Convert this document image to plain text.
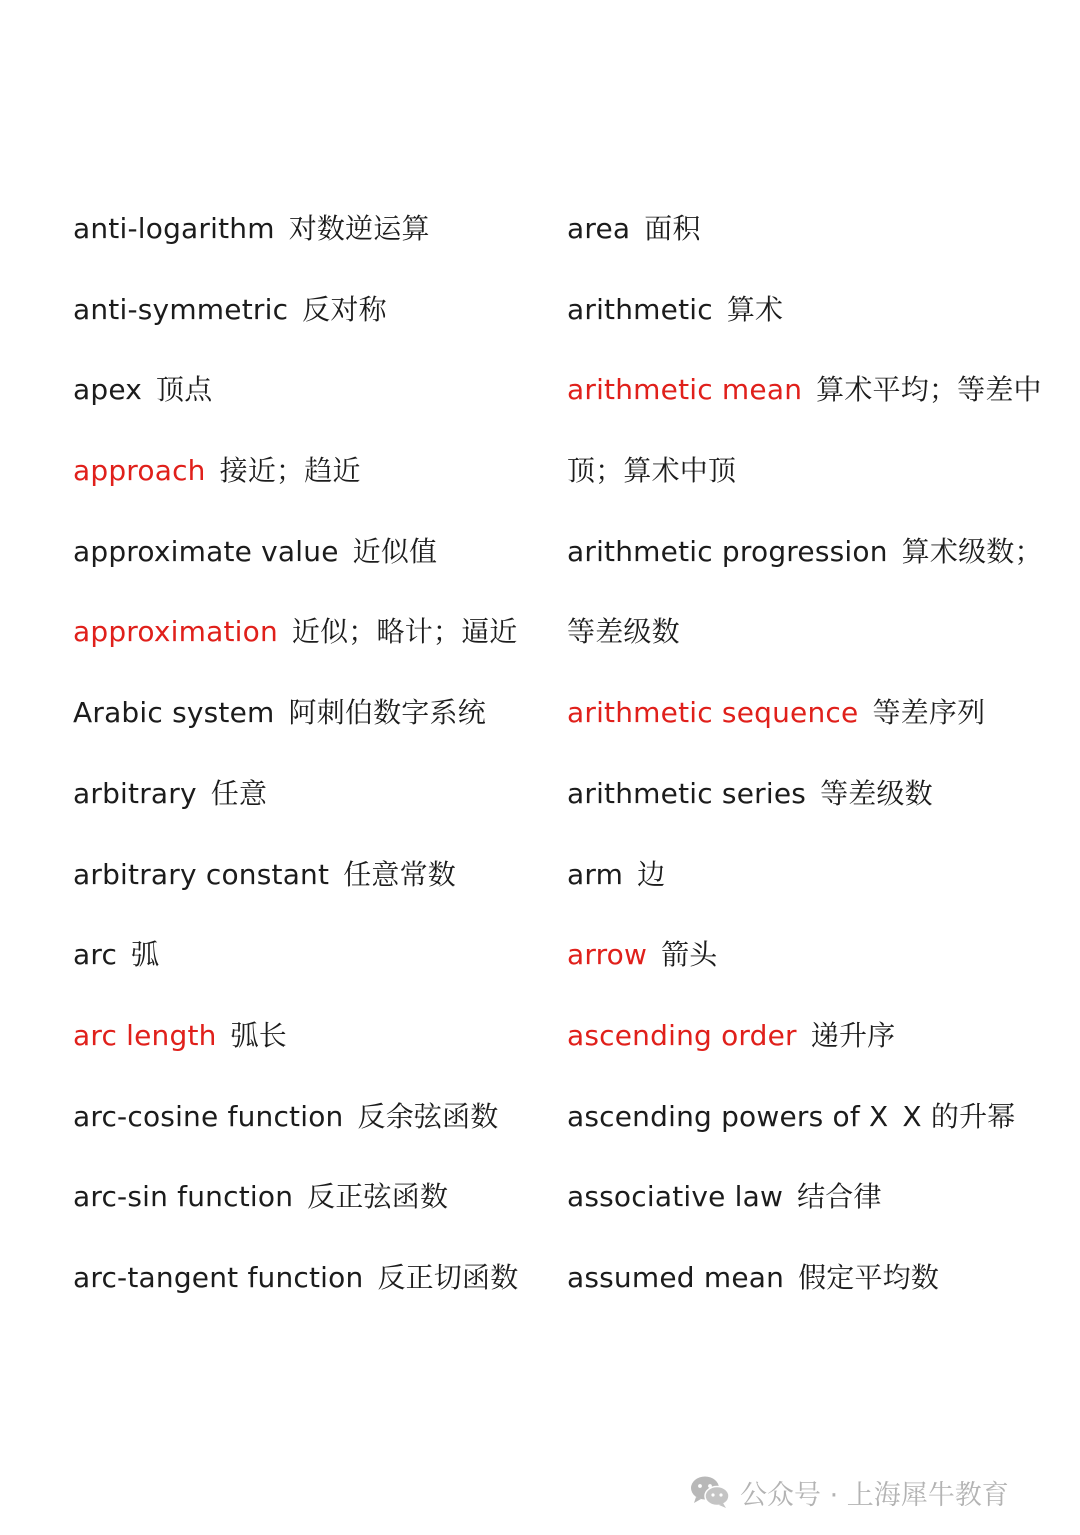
anti-logarithm 对数逆运算
anti-symmetric 反对称
apex 顶点
approach 接近；趋近
approximate value 近似值
approximation 近似；略计；逼近
Arabic system 阿刺伯数字系统
arbitrary 任意
arbitrary constant 任意常数
arc 弧
arc length 弧长
arc-cosine function 反余弦函数
arc-sin function 反正弦函数
arc-tangent function 反正切函数
area 面积
arithmetic 算术
arithmetic mean 算术平均；等差中
顶；算术中顶
arithmetic progression 算术级数；
等差级数
arithmetic sequence 等差序列
arithmetic series 等差级数
arm 边
arrow 箭头
ascending order 递升序
ascending powers of X X 的升幂
associative law 结合律
assumed mean 假定平均数
公众号 · 上海犀牛教育
